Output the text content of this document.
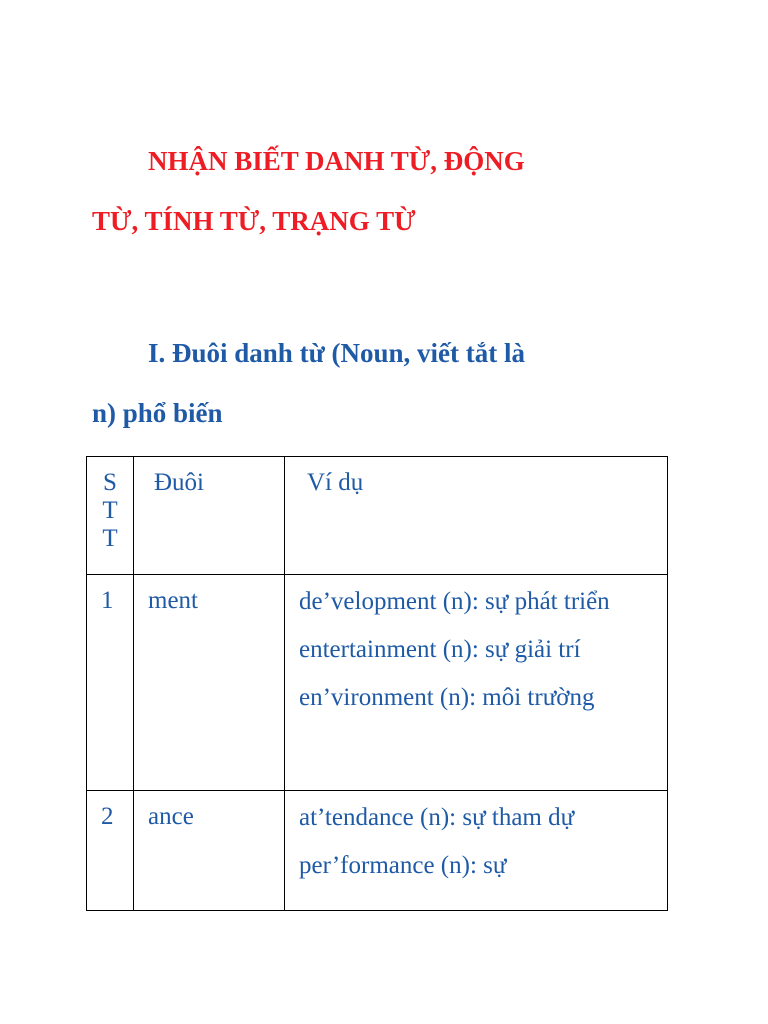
NHẬN BIẾT DANH TỪ, ĐỘNG
TỪ, TÍNH TỪ, TRẠNG TỪ
I. Đuôi danh từ (Noun, viết tắt là
n) phổ biến
S
T
T	Đuôi	Ví dụ
1	ment	de’velopment (n): sự phát triển

entertainment (n): sự giải trí

en’vironment (n): môi trường

2	ance	at’tendance (n): sự tham dự

per’formance (n): sự
